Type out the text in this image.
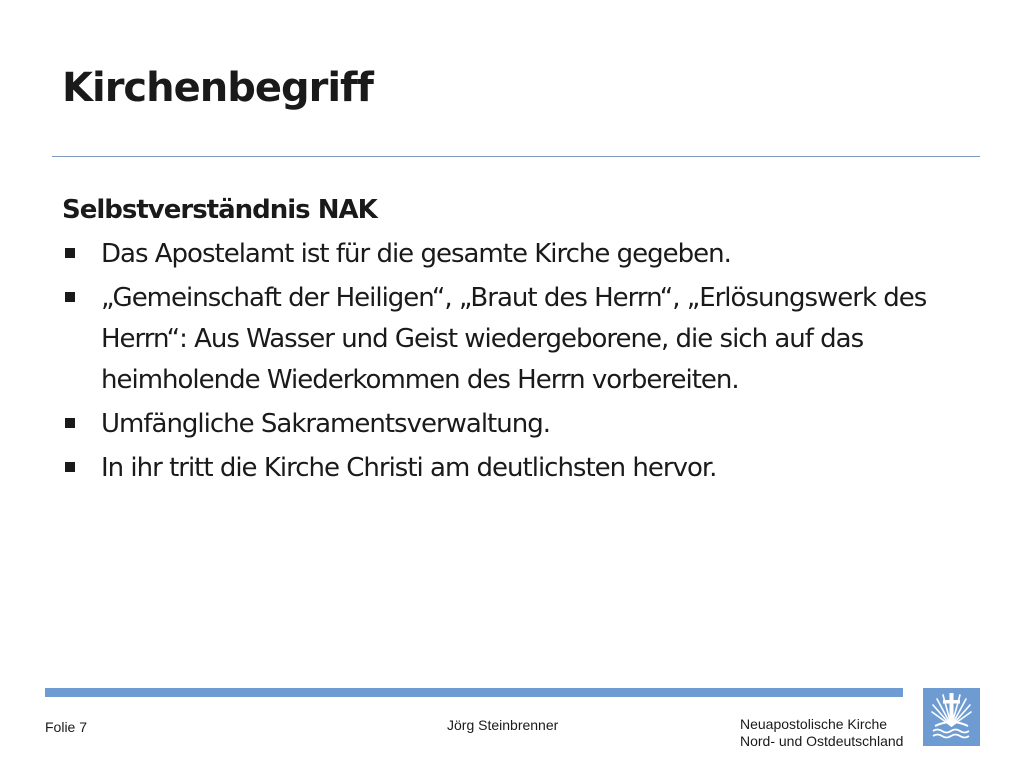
Kirchenbegriff
Selbstverständnis NAK
Das Apostelamt ist für die gesamte Kirche gegeben.
„Gemeinschaft der Heiligen“, „Braut des Herrn“, „Erlösungswerk des Herrn“: Aus Wasser und Geist wiedergeborene, die sich auf das heimholende Wiederkommen des Herrn vorbereiten.
Umfängliche Sakramentsverwaltung.
In ihr tritt die Kirche Christi am deutlichsten hervor.
Folie 7	Jörg Steinbrenner	Neuapostolische Kirche
Nord- und Ostdeutschland
